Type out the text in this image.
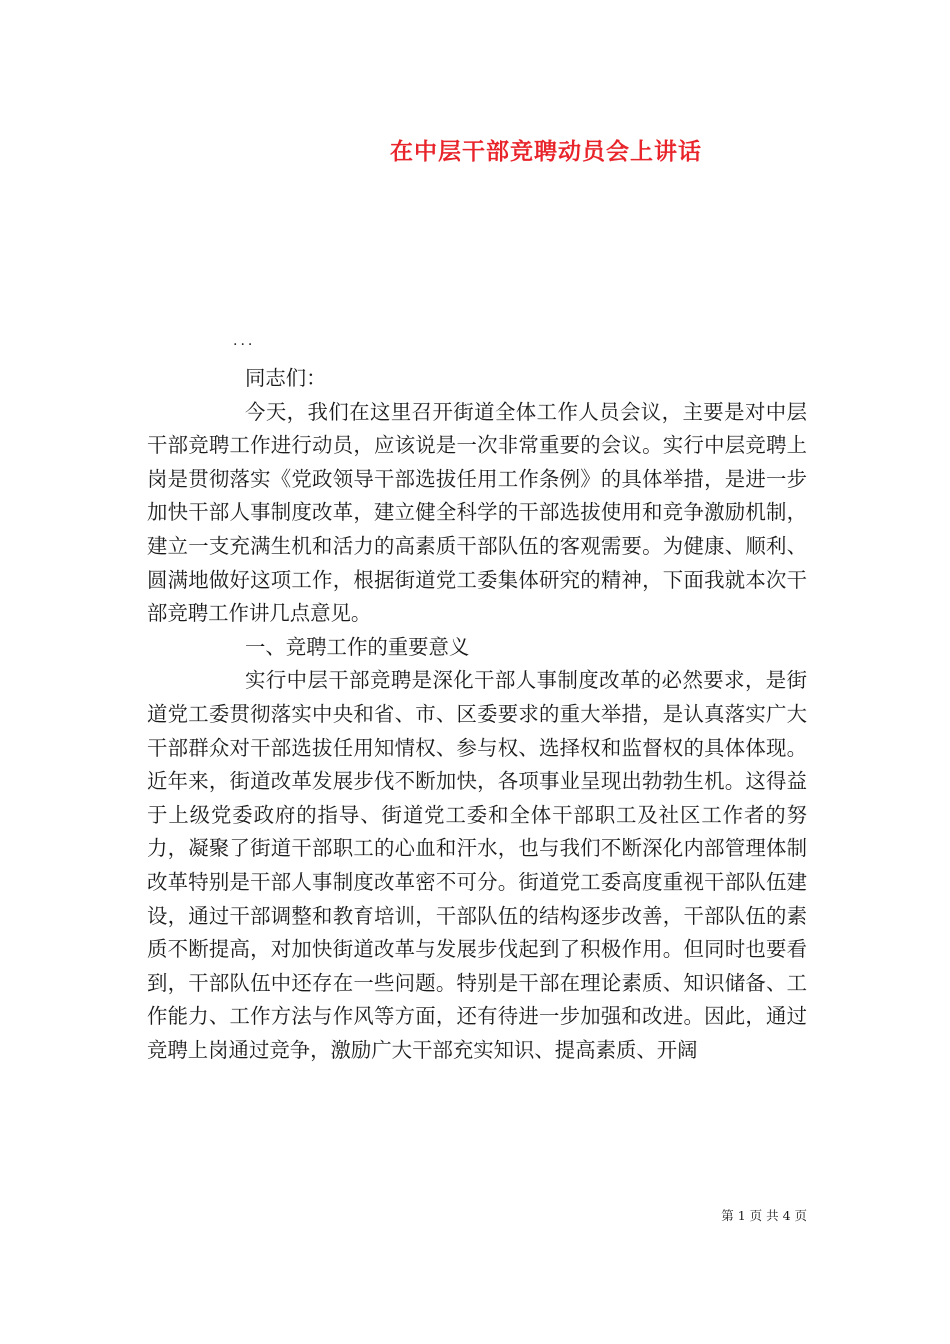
在中层干部竞聘动员会上讲话
...

同志们：

今天，我们在这里召开街道全体工作人员会议，主要是对中层干部竞聘工作进行动员，应该说是一次非常重要的会议。实行中层竞聘上岗是贯彻落实《党政领导干部选拔任用工作条例》的具体举措，是进一步加快干部人事制度改革，建立健全科学的干部选拔使用和竞争激励机制，建立一支充满生机和活力的高素质干部队伍的客观需要。为健康、顺利、圆满地做好这项工作，根据街道党工委集体研究的精神，下面我就本次干部竞聘工作讲几点意见。

一、竞聘工作的重要意义

实行中层干部竞聘是深化干部人事制度改革的必然要求，是街道党工委贯彻落实中央和省、市、区委要求的重大举措，是认真落实广大干部群众对干部选拔任用知情权、参与权、选择权和监督权的具体体现。近年来，街道改革发展步伐不断加快，各项事业呈现出勃勃生机。这得益于上级党委政府的指导、街道党工委和全体干部职工及社区工作者的努力，凝聚了街道干部职工的心血和汗水，也与我们不断深化内部管理体制改革特别是干部人事制度改革密不可分。街道党工委高度重视干部队伍建设，通过干部调整和教育培训，干部队伍的结构逐步改善，干部队伍的素质不断提高，对加快街道改革与发展步伐起到了积极作用。但同时也要看到，干部队伍中还存在一些问题。特别是干部在理论素质、知识储备、工作能力、工作方法与作风等方面，还有待进一步加强和改进。因此，通过竞聘上岗通过竞争，激励广大干部充实知识、提高素质、开阔

第 1 页 共 4 页
